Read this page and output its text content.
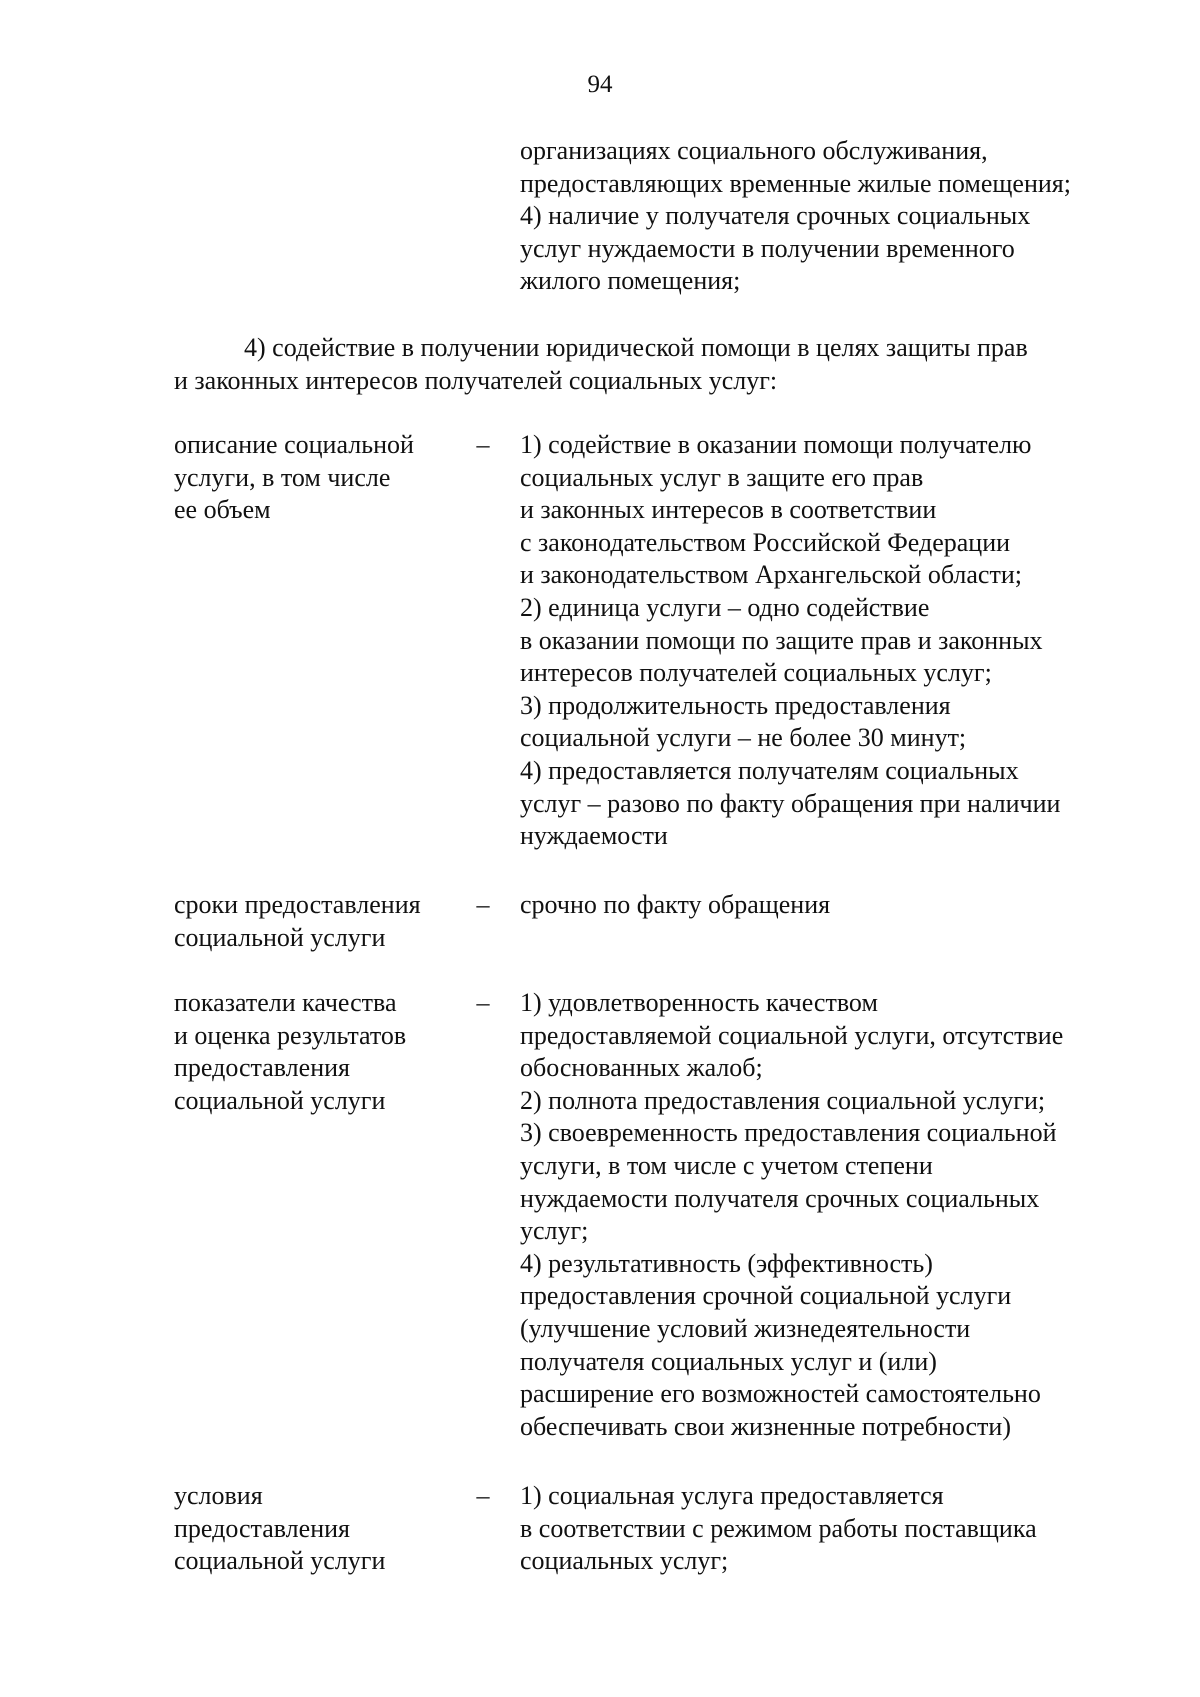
94
организациях социального обслуживания,
предоставляющих временные жилые помещения;
4) наличие у получателя срочных социальных
услуг нуждаемости в получении временного
жилого помещения;
4) содействие в получении юридической помощи в целях защиты прав
и законных интересов получателей социальных услуг:
описание социальной
услуги, в том числе
ее объем
–	1) содействие в оказании помощи получателю
социальных услуг в защите его прав
и законных интересов в соответствии
с законодательством Российской Федерации
и законодательством Архангельской области;
2) единица услуги – одно содействие
в оказании помощи по защите прав и законных
интересов получателей социальных услуг;
3) продолжительность предоставления
социальной услуги – не более 30 минут;
4) предоставляется получателям социальных
услуг – разово по факту обращения при наличии
нуждаемости
сроки предоставления
социальной услуги
–	срочно по факту обращения
показатели качества
и оценка результатов
предоставления
социальной услуги
–	1) удовлетворенность качеством
предоставляемой социальной услуги, отсутствие
обоснованных жалоб;
2) полнота предоставления социальной услуги;
3) своевременность предоставления социальной
услуги, в том числе с учетом степени
нуждаемости получателя срочных социальных
услуг;
4) результативность (эффективность)
предоставления срочной социальной услуги
(улучшение условий жизнедеятельности
получателя социальных услуг и (или)
расширение его возможностей самостоятельно
обеспечивать свои жизненные потребности)
условия
предоставления
социальной услуги
–	1) социальная услуга предоставляется
в соответствии с режимом работы поставщика
социальных услуг;
